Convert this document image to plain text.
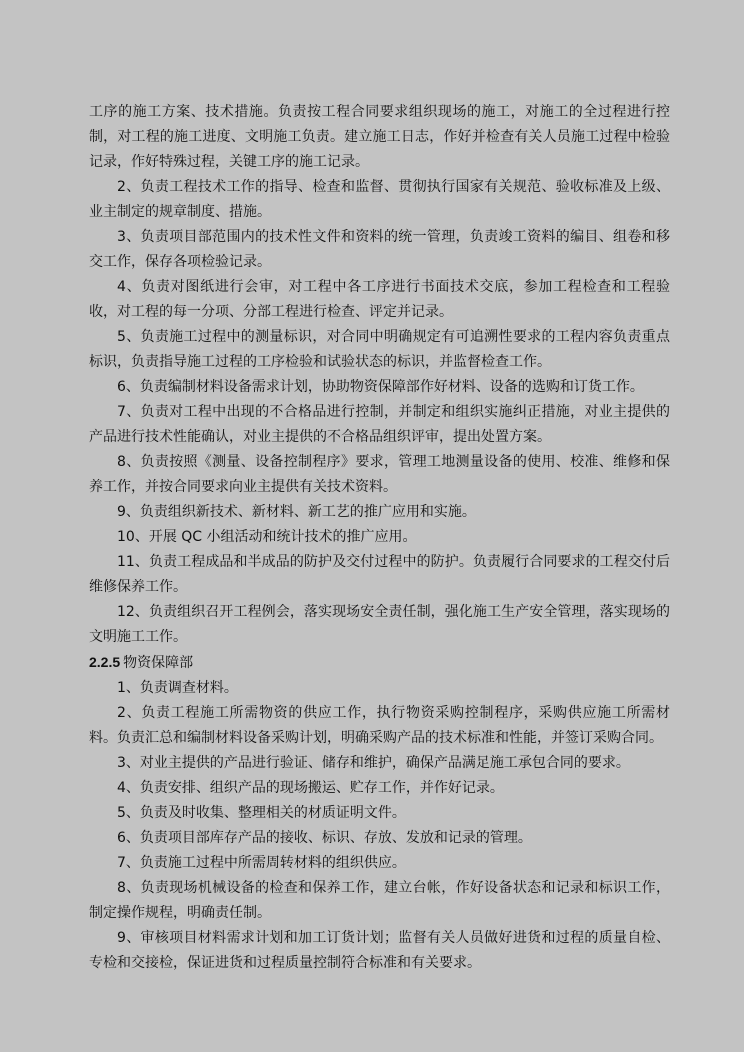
工序的施工方案、技术措施。负责按工程合同要求组织现场的施工，对施工的全过程进行控制，对工程的施工进度、文明施工负责。建立施工日志，作好并检查有关人员施工过程中检验记录，作好特殊过程，关键工序的施工记录。

2、负责工程技术工作的指导、检查和监督、贯彻执行国家有关规范、验收标准及上级、业主制定的规章制度、措施。

3、负责项目部范围内的技术性文件和资料的统一管理，负责竣工资料的编目、组卷和移交工作，保存各项检验记录。

4、负责对图纸进行会审，对工程中各工序进行书面技术交底，参加工程检查和工程验收，对工程的每一分项、分部工程进行检查、评定并记录。

5、负责施工过程中的测量标识，对合同中明确规定有可追溯性要求的工程内容负责重点标识，负责指导施工过程的工序检验和试验状态的标识，并监督检查工作。

6、负责编制材料设备需求计划，协助物资保障部作好材料、设备的选购和订货工作。

7、负责对工程中出现的不合格品进行控制，并制定和组织实施纠正措施，对业主提供的产品进行技术性能确认，对业主提供的不合格品组织评审，提出处置方案。

8、负责按照《测量、设备控制程序》要求，管理工地测量设备的使用、校准、维修和保养工作，并按合同要求向业主提供有关技术资料。

9、负责组织新技术、新材料、新工艺的推广应用和实施。

10、开展 QC 小组活动和统计技术的推广应用。

11、负责工程成品和半成品的防护及交付过程中的防护。负责履行合同要求的工程交付后维修保养工作。

12、负责组织召开工程例会，落实现场安全责任制，强化施工生产安全管理，落实现场的文明施工工作。

2.2.5 物资保障部

1、负责调查材料。

2、负责工程施工所需物资的供应工作，执行物资采购控制程序，采购供应施工所需材料。负责汇总和编制材料设备采购计划，明确采购产品的技术标准和性能，并签订采购合同。

3、对业主提供的产品进行验证、储存和维护，确保产品满足施工承包合同的要求。

4、负责安排、组织产品的现场搬运、贮存工作，并作好记录。

5、负责及时收集、整理相关的材质证明文件。

6、负责项目部库存产品的接收、标识、存放、发放和记录的管理。

7、负责施工过程中所需周转材料的组织供应。

8、负责现场机械设备的检查和保养工作，建立台帐，作好设备状态和记录和标识工作，制定操作规程，明确责任制。

9、审核项目材料需求计划和加工订货计划；监督有关人员做好进货和过程的质量自检、专检和交接检，保证进货和过程质量控制符合标准和有关要求。
